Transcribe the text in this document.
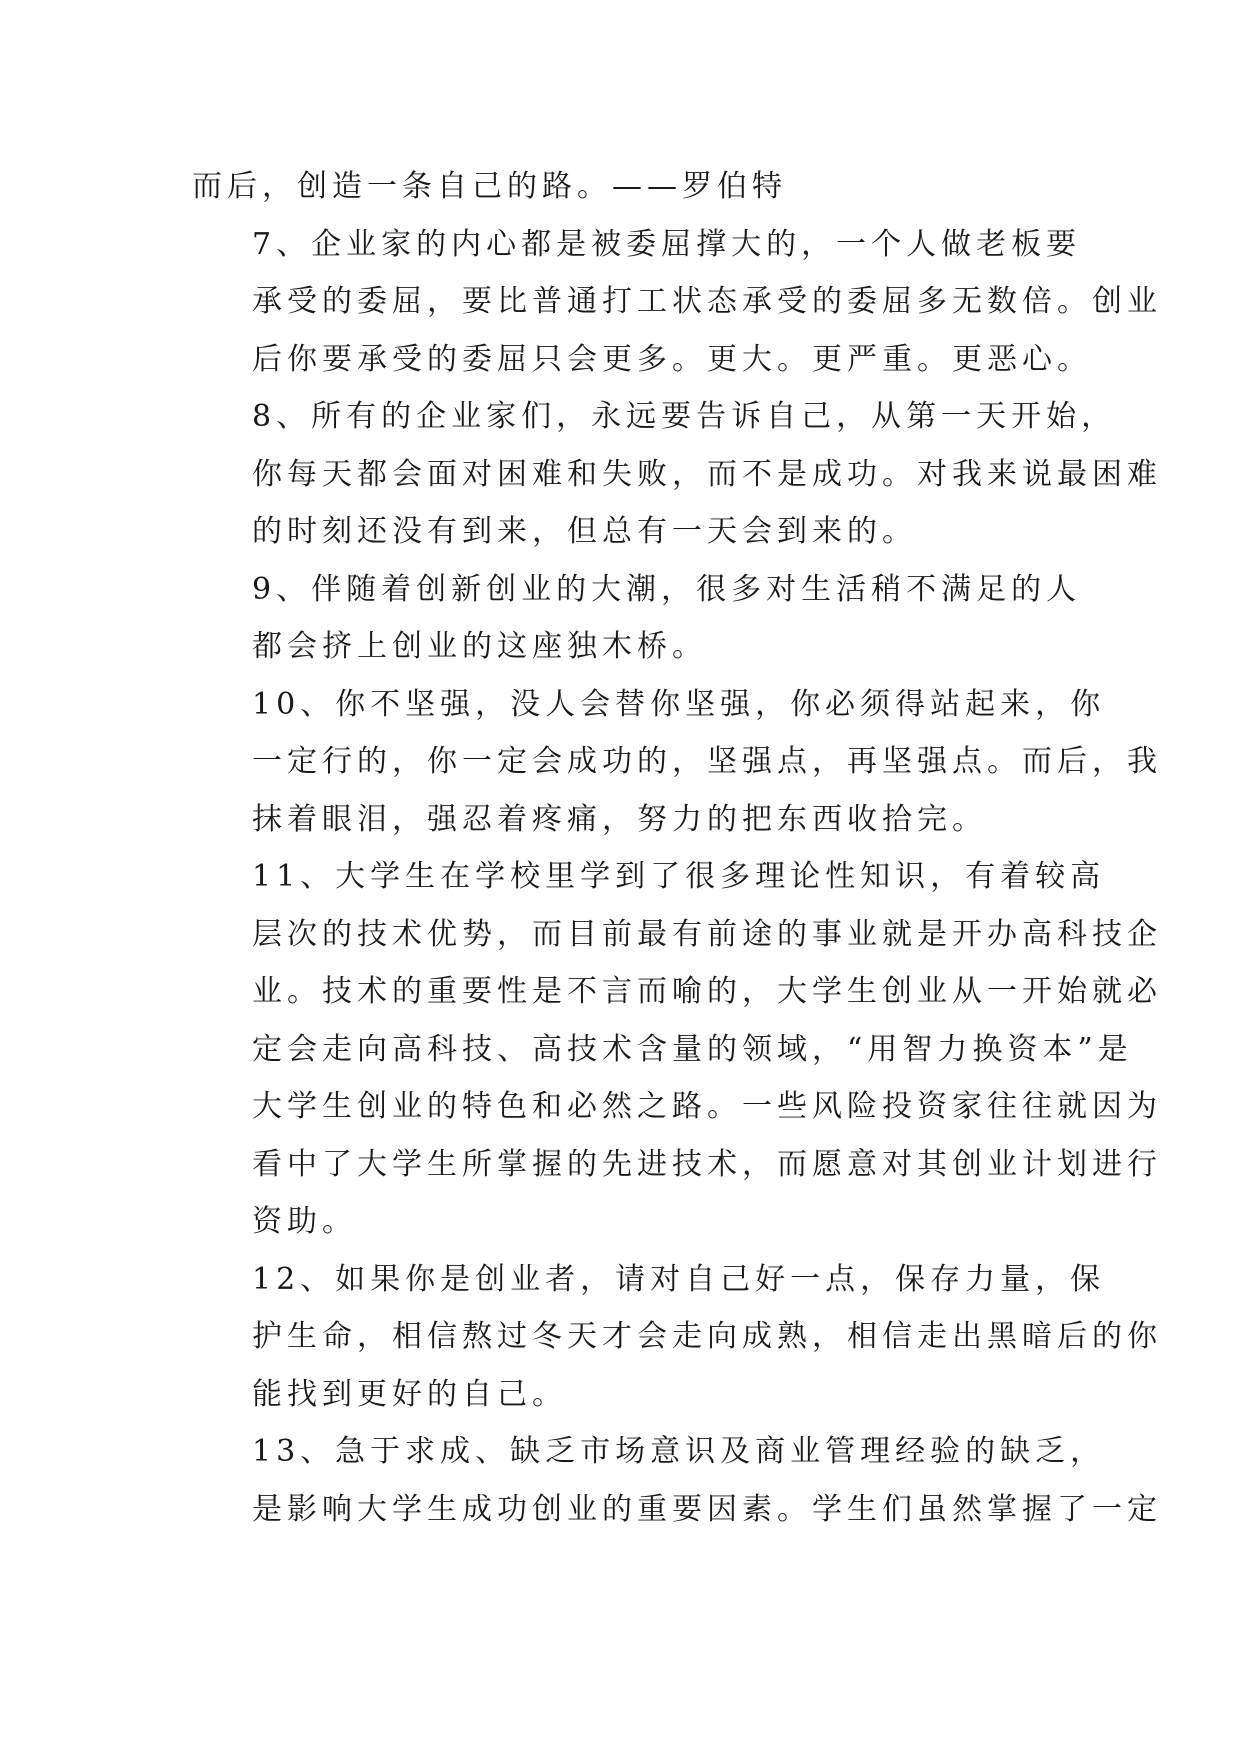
而后，创造一条自己的路。——罗伯特

7、企业家的内心都是被委屈撑大的，一个人做老板要
承受的委屈，要比普通打工状态承受的委屈多无数倍。创业
后你要承受的委屈只会更多。更大。更严重。更恶心。

8、所有的企业家们，永远要告诉自己，从第一天开始，
你每天都会面对困难和失败，而不是成功。对我来说最困难
的时刻还没有到来，但总有一天会到来的。

9、伴随着创新创业的大潮，很多对生活稍不满足的人
都会挤上创业的这座独木桥。

10、你不坚强，没人会替你坚强，你必须得站起来，你
一定行的，你一定会成功的，坚强点，再坚强点。而后，我
抹着眼泪，强忍着疼痛，努力的把东西收拾完。

11、大学生在学校里学到了很多理论性知识，有着较高
层次的技术优势，而目前最有前途的事业就是开办高科技企
业。技术的重要性是不言而喻的，大学生创业从一开始就必
定会走向高科技、高技术含量的领域，“用智力换资本”是
大学生创业的特色和必然之路。一些风险投资家往往就因为
看中了大学生所掌握的先进技术，而愿意对其创业计划进行
资助。

12、如果你是创业者，请对自己好一点，保存力量，保
护生命，相信熬过冬天才会走向成熟，相信走出黑暗后的你
能找到更好的自己。

13、急于求成、缺乏市场意识及商业管理经验的缺乏，
是影响大学生成功创业的重要因素。学生们虽然掌握了一定
